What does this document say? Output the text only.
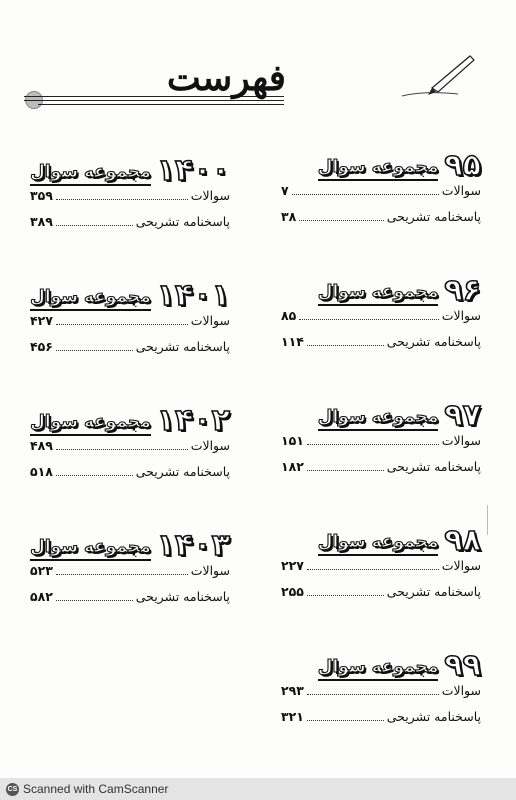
فهرست
۹۵
مجموعه سوال
سوالات
۷
پاسخنامه تشریحی
۳۸
۹۶
مجموعه سوال
سوالات
۸۵
پاسخنامه تشریحی
۱۱۴
۹۷
مجموعه سوال
سوالات
۱۵۱
پاسخنامه تشریحی
۱۸۲
۹۸
مجموعه سوال
سوالات
۲۲۷
پاسخنامه تشریحی
۲۵۵
۹۹
مجموعه سوال
سوالات
۲۹۳
پاسخنامه تشریحی
۳۲۱
۱۴۰۰
مجموعه سوال
سوالات
۳۵۹
پاسخنامه تشریحی
۳۸۹
۱۴۰۱
مجموعه سوال
سوالات
۴۲۷
پاسخنامه تشریحی
۴۵۶
۱۴۰۲
مجموعه سوال
سوالات
۴۸۹
پاسخنامه تشریحی
۵۱۸
۱۴۰۳
مجموعه سوال
سوالات
۵۲۳
پاسخنامه تشریحی
۵۸۲
CS Scanned with CamScanner
